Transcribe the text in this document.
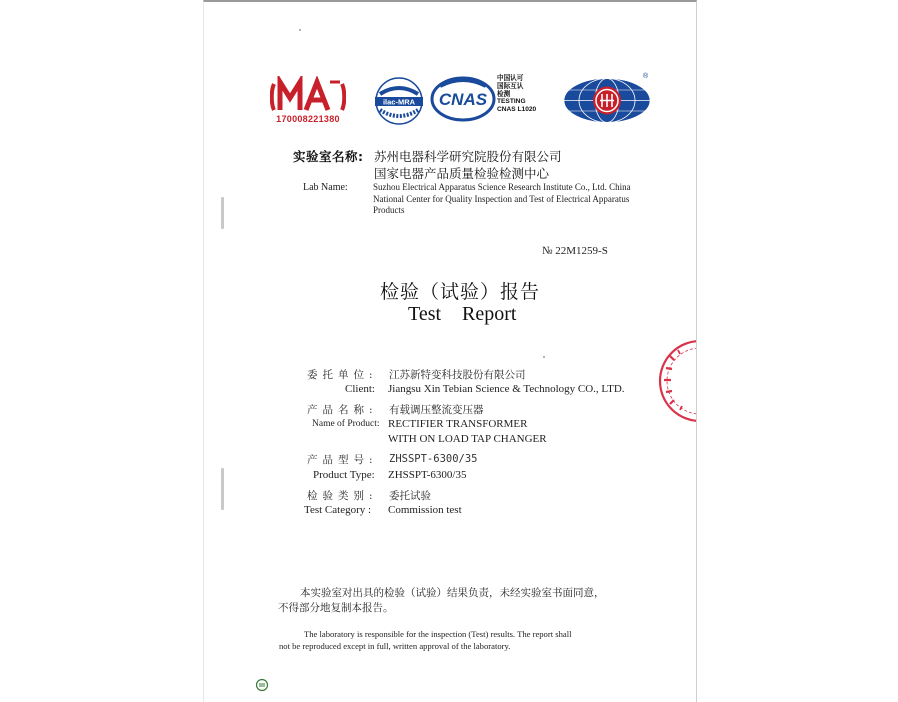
170008221380
ilac-MRA CNAS
中国认可
国际互认
检测
TESTING
CNAS L1020
®
实验室名称: 苏州电器科学研究院股份有限公司
国家电器产品质量检验检测中心
Lab Name:	Suzhou Electrical Apparatus Science Research Institute Co., Ltd. China National Center for Quality Inspection and Test of Electrical Apparatus Products
№ 22M1259-S
检验（试验）报告
Test Report
委托单位: 江苏新特变科技股份有限公司
Client: Jiangsu Xin Tebian Science & Technology CO., LTD.
产品名称: 有载调压整流变压器
Name of Product: RECTIFIER TRANSFORMER
WITH ON LOAD TAP CHANGER
产品型号: ZHSSPT-6300/35
Product Type: ZHSSPT-6300/35
检验类别: 委托试验
Test Category : Commission test
本实验室对出具的检验（试验）结果负责，未经实验室书面同意，
不得部分地复制本报告。
The laboratory is responsible for the inspection (Test) results. The report shall
not be reproduced except in full, written approval of the laboratory.
